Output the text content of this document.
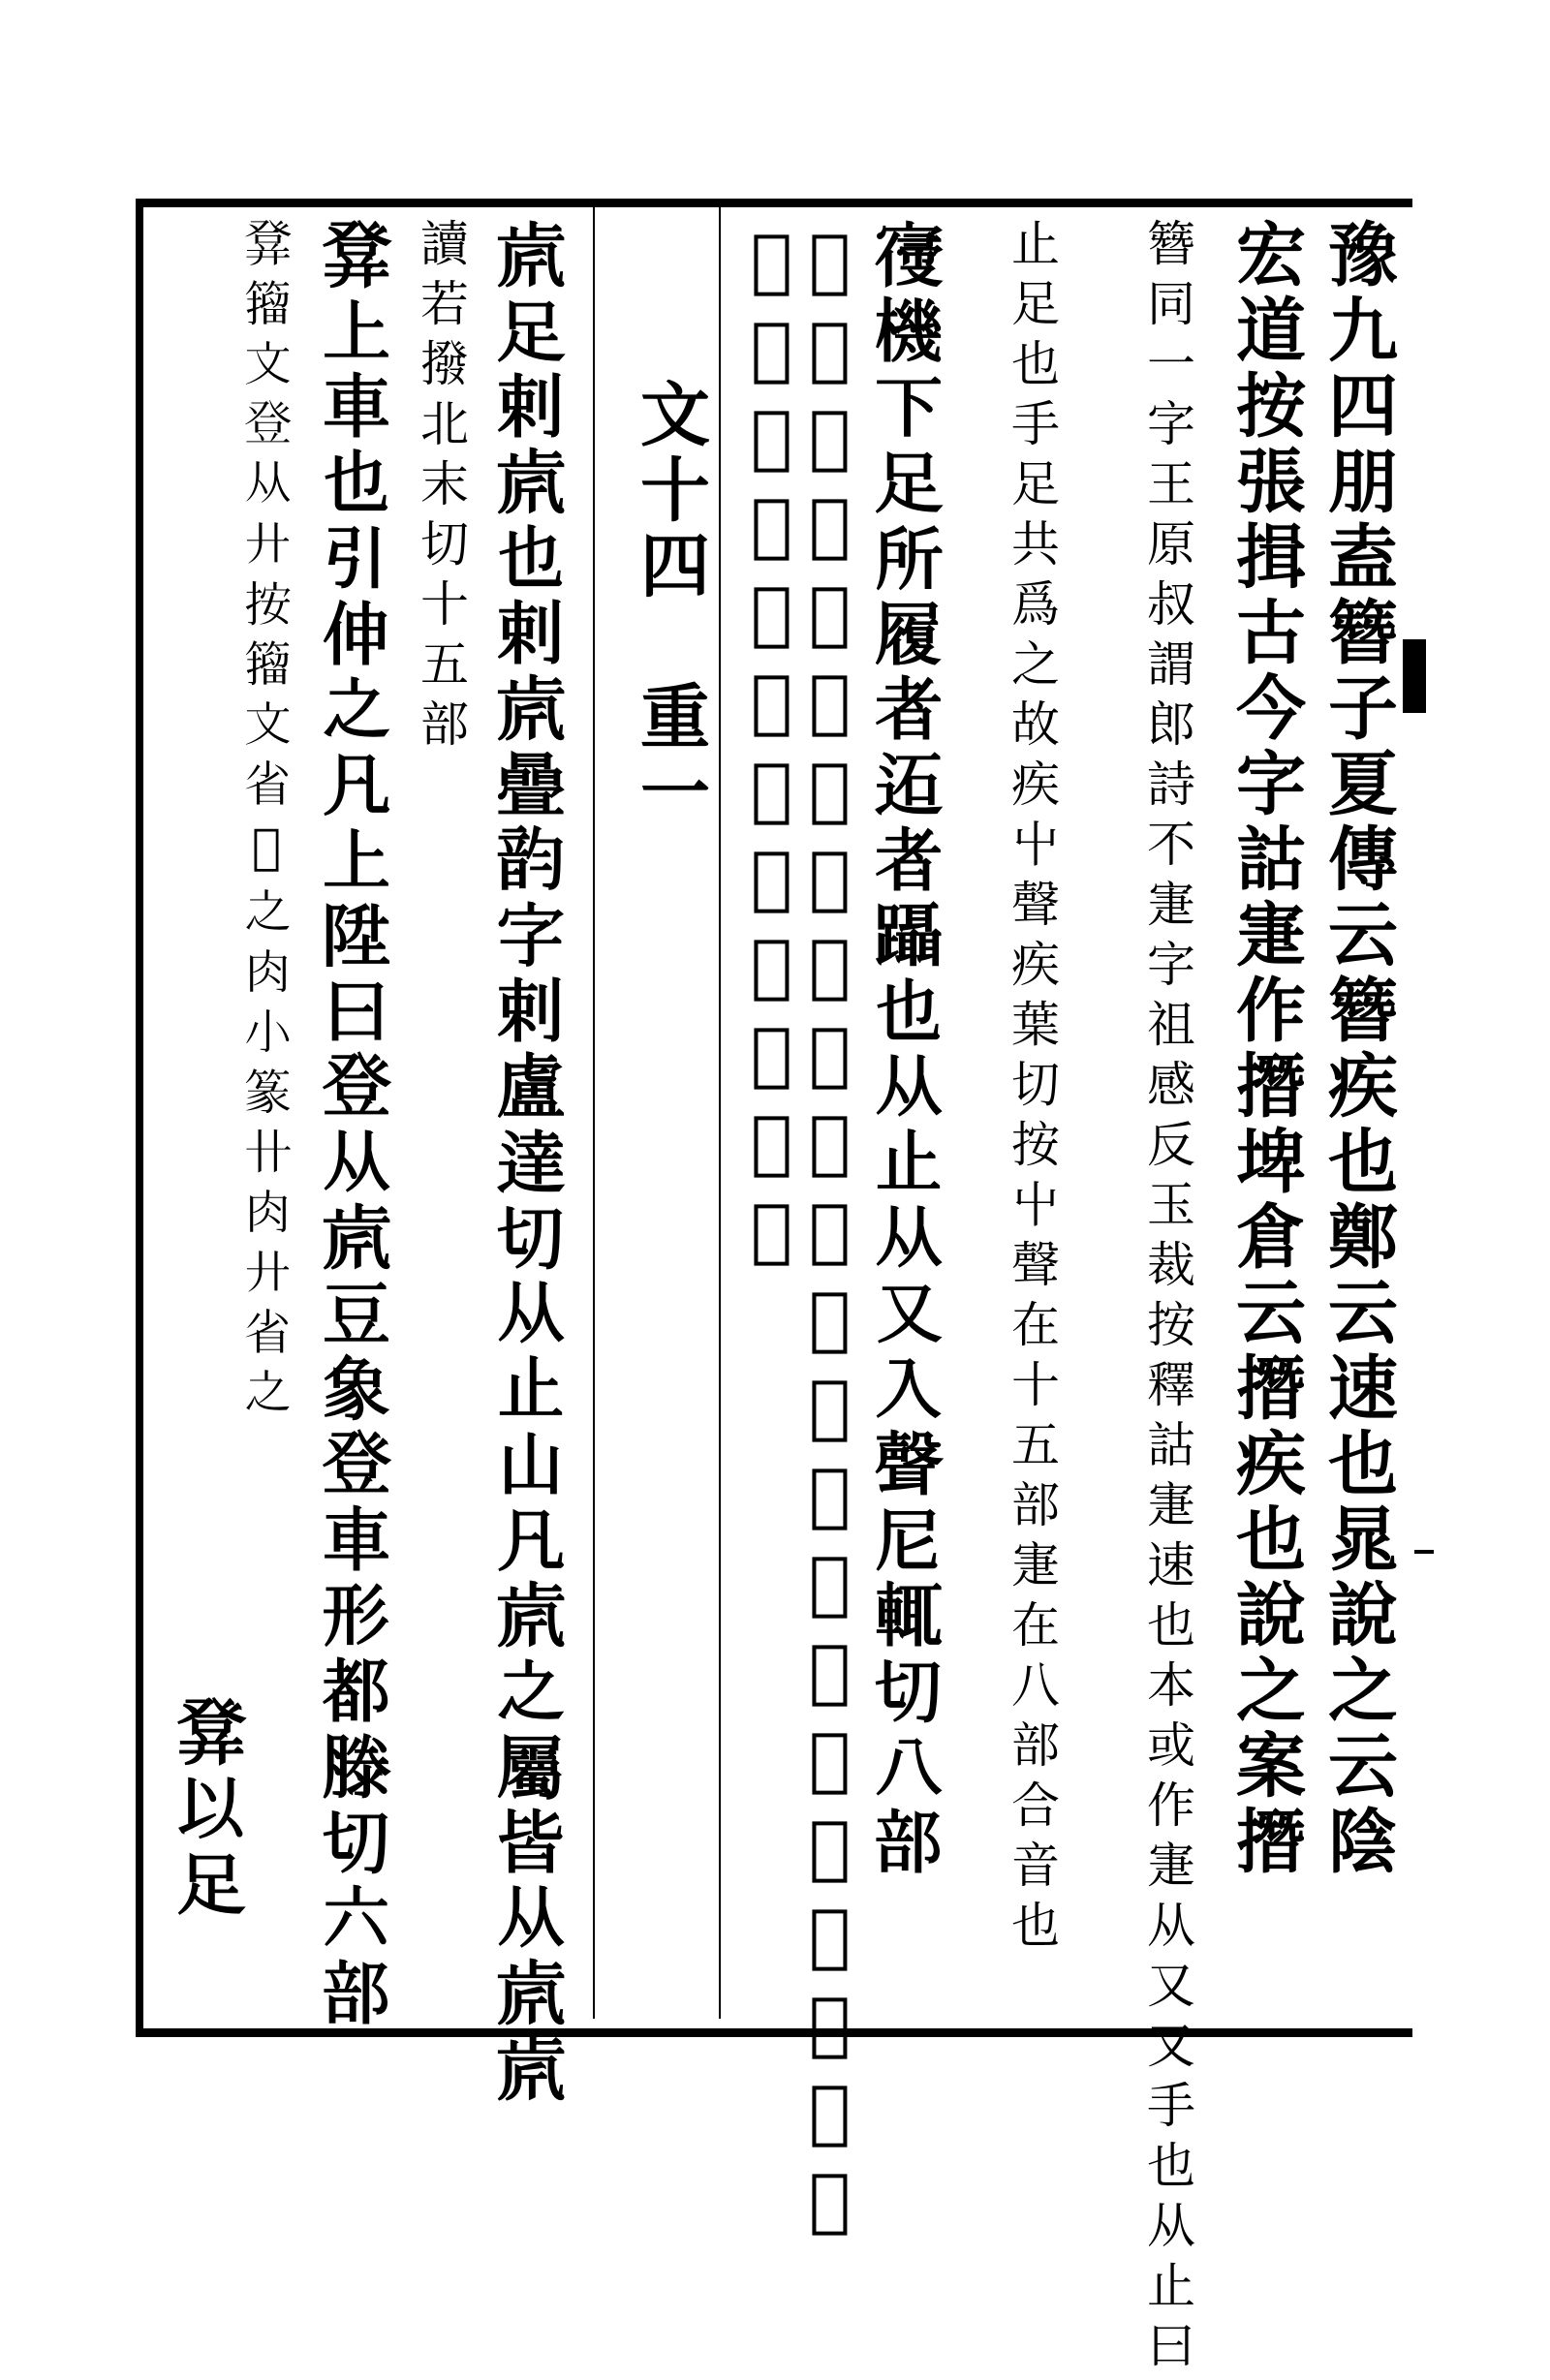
豫九四朋盍簪子夏傳云簪疾也鄭云速也晁說之云陰
宏道按張揖古今字詁寁作撍埤倉云撍疾也說之案撍
簪同一字王原叔謂郎詩不寁字祖感反玉裁按釋詁寁速也本或作寁从又又手也从止曰
止足也手足共爲之故疾屮聲疾葉切按屮聲在十五部寁在八部合音也
𡪢機下足所履者𨒙者躡也从止从又入聲尼輒切八部
𣥠蹈也从反止讀若撻廣韻引文字音義同他達切十五部
𣥫不滑也从四止色立切七部
文十四　重一
𣥪足剌𣥪也剌𣥪曡韵字剌盧達切从止山凡𣥪之屬皆从𣥪𣥪
讀若撥北末切十五部
𤼷上車也引伸之凡上陞曰登从𣥪豆象登車形都滕切六部
𤼷籀文登从廾按籀文省𡘅之肉小篆卄肉廾省之
𤼷以足
